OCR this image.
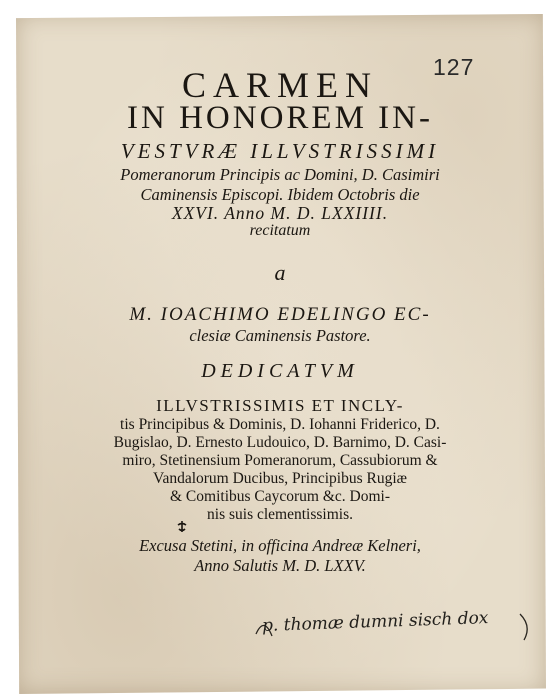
127
CARMEN
IN HONOREM IN-
VESTVRÆ ILLVSTRISSIMI
Pomeranorum Principis ac Domini, D. Casimiri
Caminensis Episcopi. Ibidem Octobris die
XXVI. Anno M. D. LXXIIII.
recitatum
a
M. IOACHIMO EDELINGO EC-
clesiæ Caminensis Pastore.
DEDICATVM
ILLVSTRISSIMIS ET INCLY-
tis Principibus & Dominis, D. Iohanni Friderico, D.
Bugislao, D. Ernesto Ludouico, D. Barnimo, D. Casi-
miro, Stetinensium Pomeranorum, Cassubiorum &
Vandalorum Ducibus, Principibus Rugiæ
& Comitibus Caycorum &c. Domi-
nis suis clementissimis.
Excusa Stetini, in officina Andreæ Kelneri,
Anno Salutis M. D. LXXV.
p. thomæ dumni sisch dox
